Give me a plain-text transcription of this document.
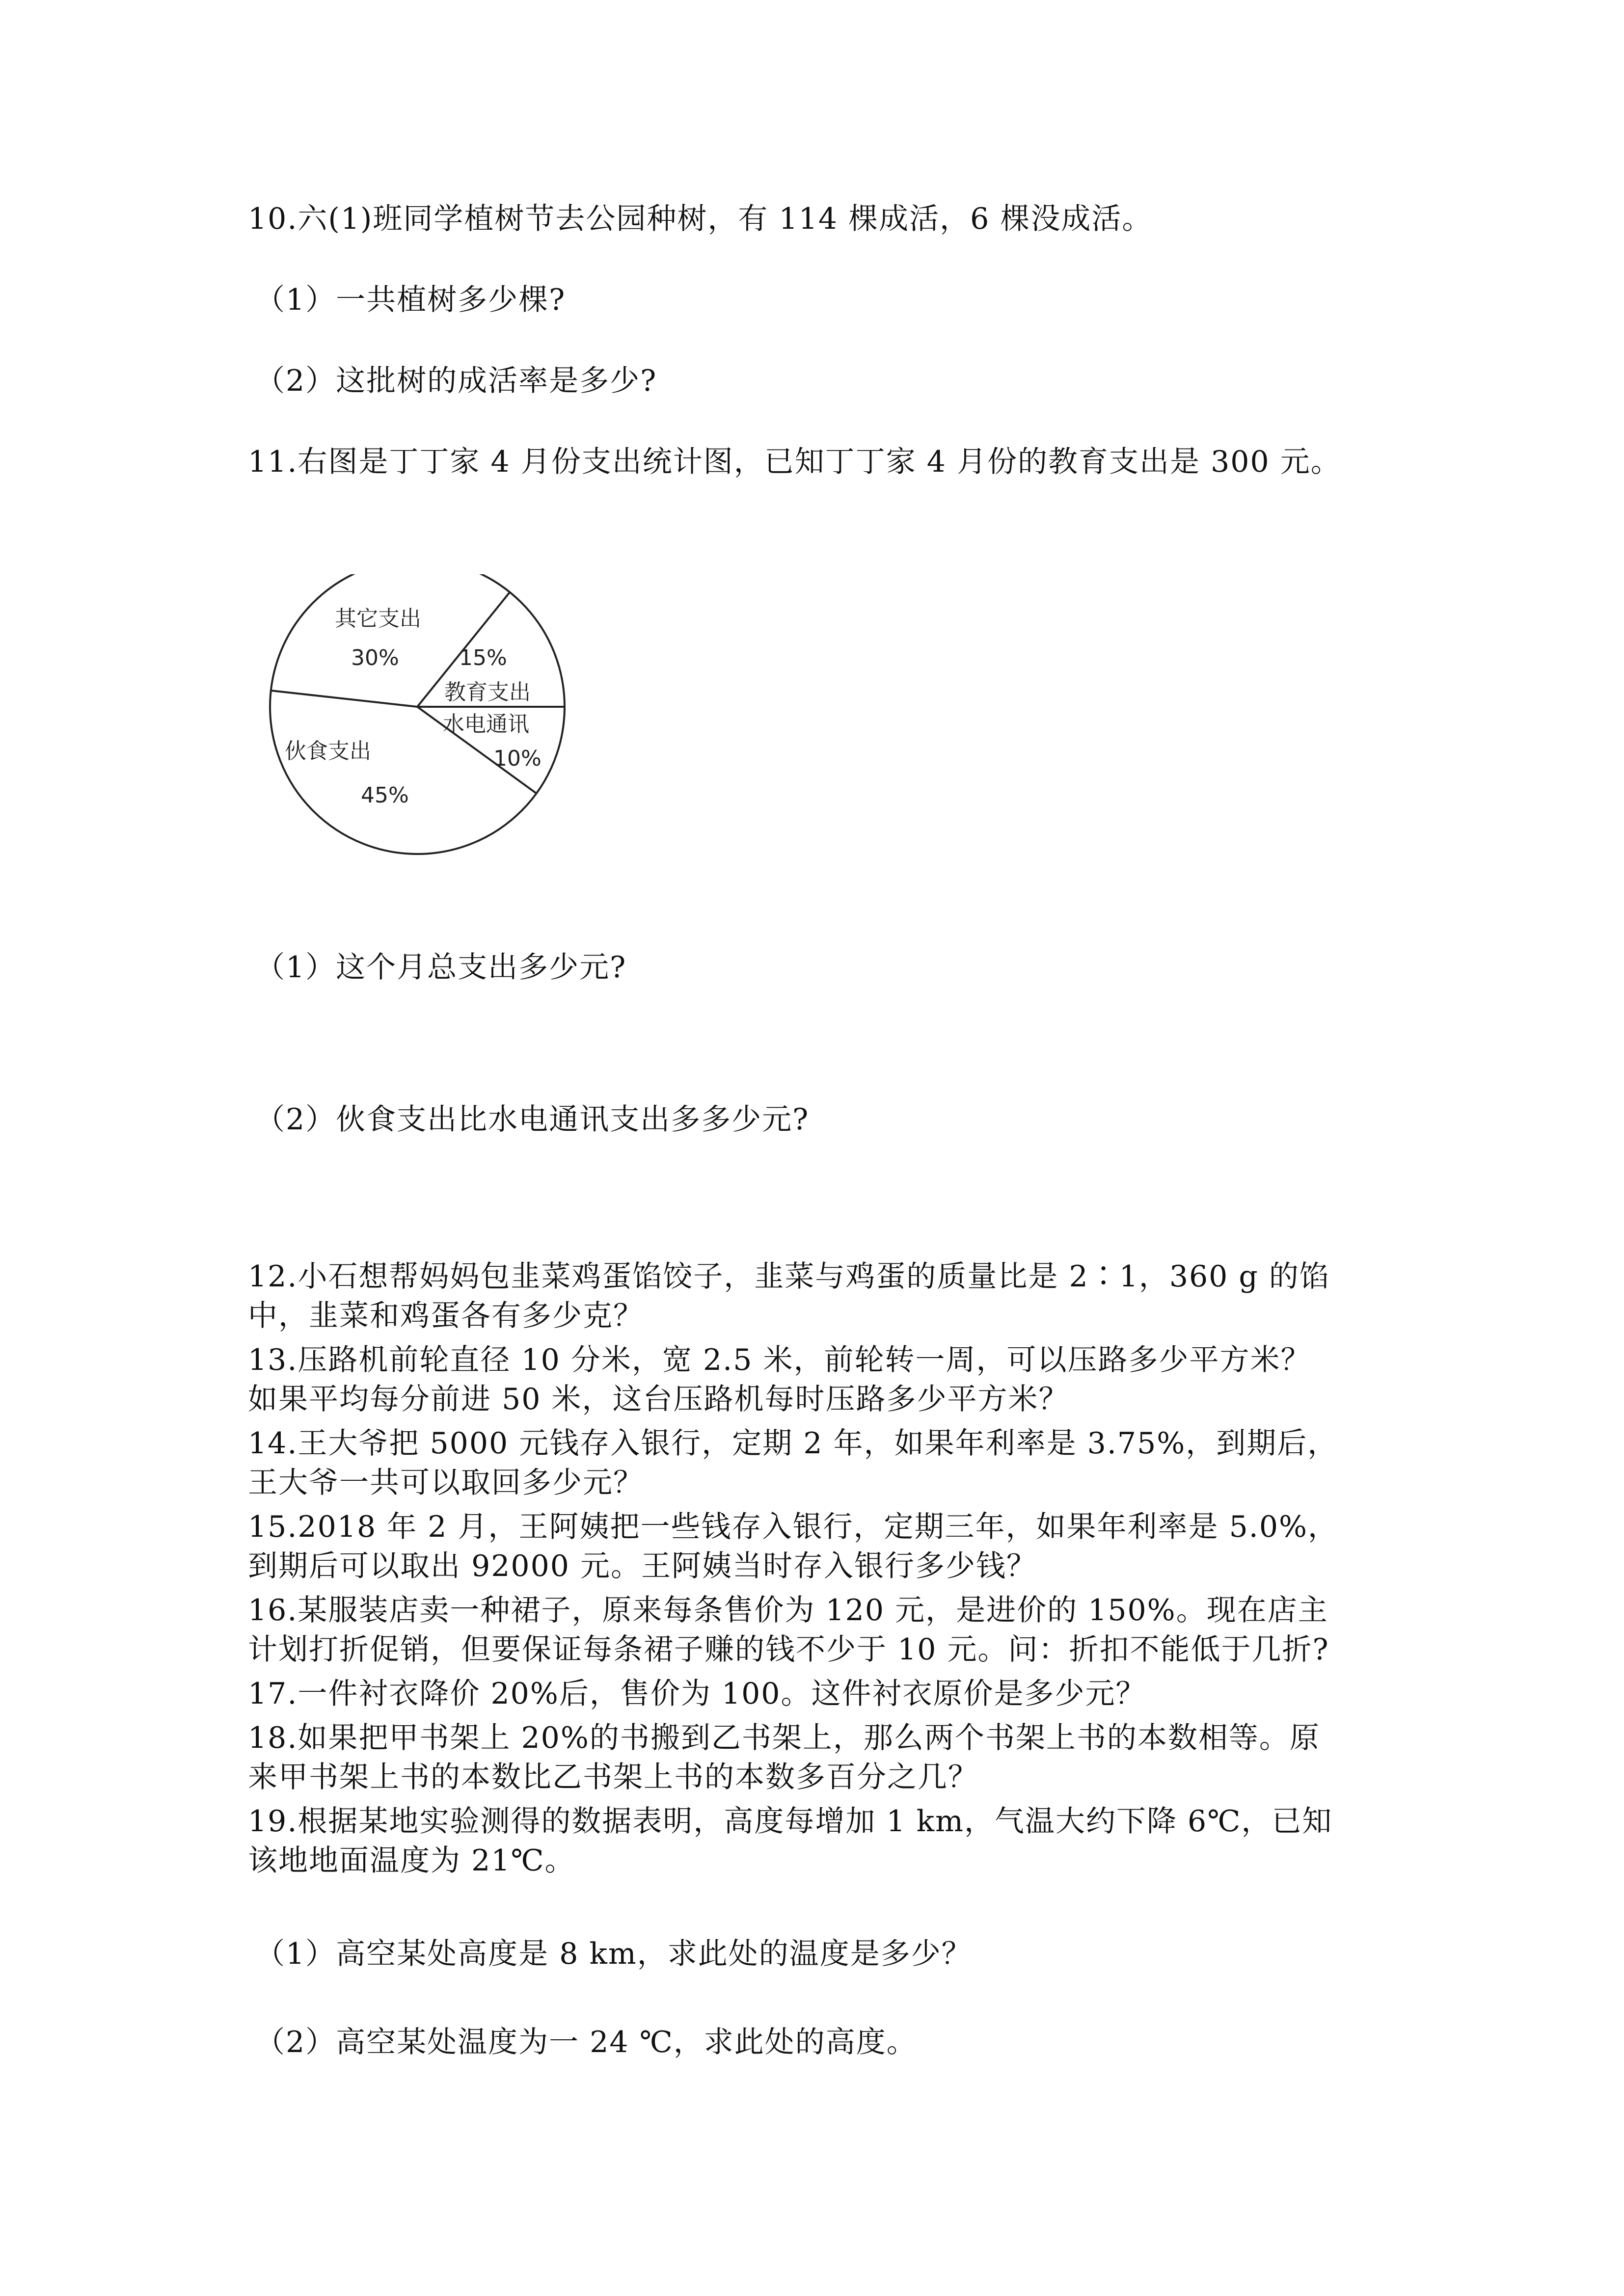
10.六(1)班同学植树节去公园种树，有 114 棵成活，6 棵没成活。
（1）一共植树多少棵?
（2）这批树的成活率是多少?
11.右图是丁丁家 4 月份支出统计图，已知丁丁家 4 月份的教育支出是 300 元。
其它支出
30%	15%
教育支出
水电通讯
10%
伙食支出
45%
（1）这个月总支出多少元?
（2）伙食支出比水电通讯支出多多少元?
12.小石想帮妈妈包韭菜鸡蛋馅饺子，韭菜与鸡蛋的质量比是 2∶1，360 g 的馅
中，韭菜和鸡蛋各有多少克？
13.压路机前轮直径 10 分米，宽 2.5 米，前轮转一周，可以压路多少平方米？
如果平均每分前进 50 米，这台压路机每时压路多少平方米？
14.王大爷把 5000 元钱存入银行，定期 2 年，如果年利率是 3.75%，到期后，
王大爷一共可以取回多少元？
15.2018 年 2 月，王阿姨把一些钱存入银行，定期三年，如果年利率是 5.0%，
到期后可以取出 92000 元。王阿姨当时存入银行多少钱？
16.某服装店卖一种裙子，原来每条售价为 120 元，是进价的 150%。现在店主
计划打折促销，但要保证每条裙子赚的钱不少于 10 元。问：折扣不能低于几折?
17.一件衬衣降价 20%后，售价为 100。这件衬衣原价是多少元？
18.如果把甲书架上 20%的书搬到乙书架上，那么两个书架上书的本数相等。原
来甲书架上书的本数比乙书架上书的本数多百分之几？
19.根据某地实验测得的数据表明，高度每增加 1 km，气温大约下降 6℃，已知
该地地面温度为 21℃。
（1）高空某处高度是 8 km，求此处的温度是多少？
（2）高空某处温度为一 24 ℃，求此处的高度。
